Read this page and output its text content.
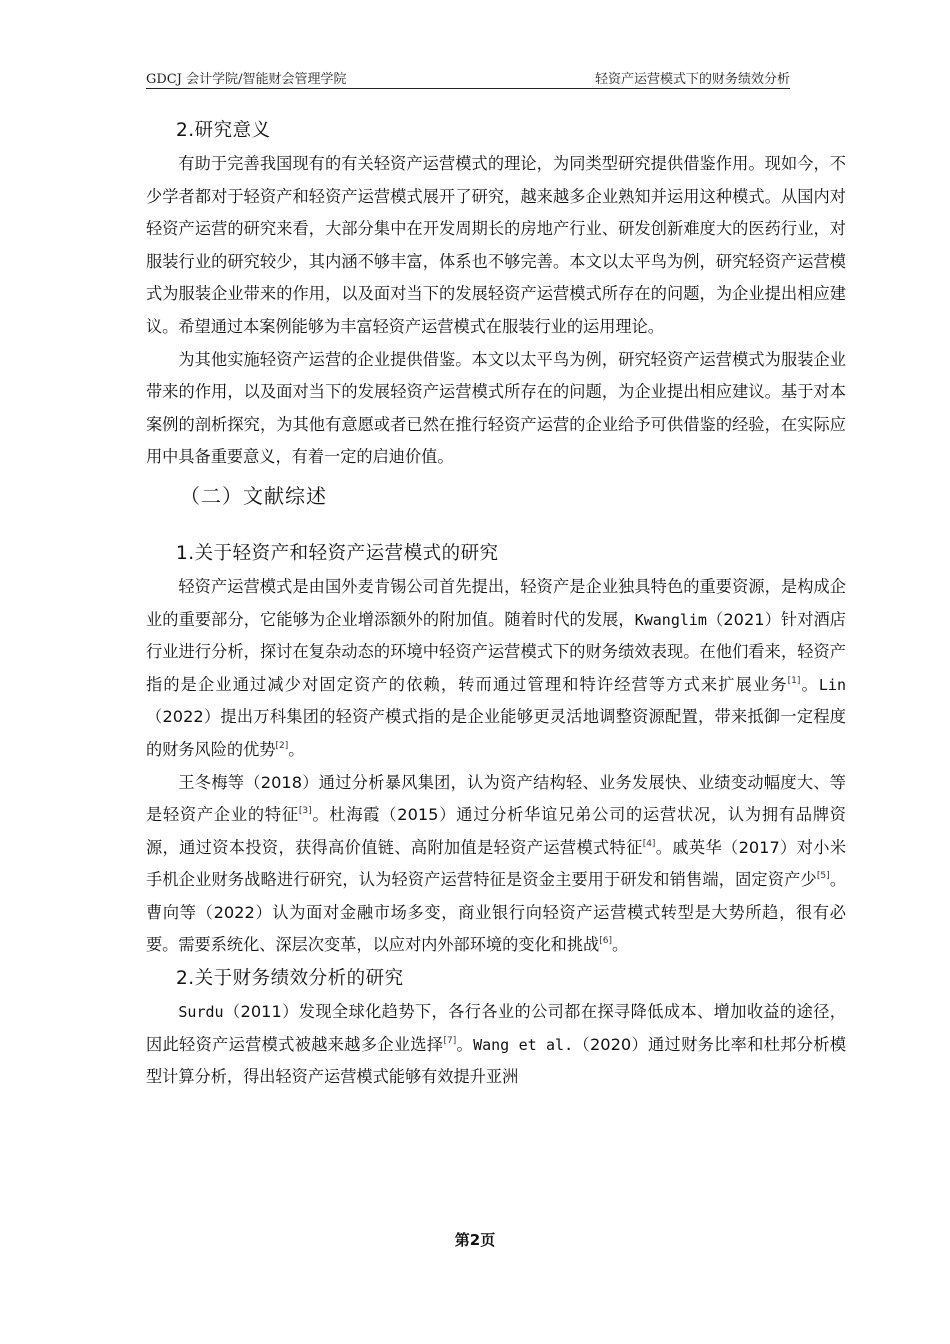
GDCJ 会计学院/智能财会管理学院	轻资产运营模式下的财务绩效分析
2.研究意义

有助于完善我国现有的有关轻资产运营模式的理论，为同类型研究提供借鉴作用。现如今，不少学者都对于轻资产和轻资产运营模式展开了研究，越来越多企业熟知并运用这种模式。从国内对轻资产运营的研究来看，大部分集中在开发周期长的房地产行业、研发创新难度大的医药行业，对服装行业的研究较少，其内涵不够丰富，体系也不够完善。本文以太平鸟为例，研究轻资产运营模式为服装企业带来的作用，以及面对当下的发展轻资产运营模式所存在的问题，为企业提出相应建议。希望通过本案例能够为丰富轻资产运营模式在服装行业的运用理论。

为其他实施轻资产运营的企业提供借鉴。本文以太平鸟为例，研究轻资产运营模式为服装企业带来的作用，以及面对当下的发展轻资产运营模式所存在的问题，为企业提出相应建议。基于对本案例的剖析探究，为其他有意愿或者已然在推行轻资产运营的企业给予可供借鉴的经验，在实际应用中具备重要意义，有着一定的启迪价值。

（二）文献综述
1.关于轻资产和轻资产运营模式的研究

轻资产运营模式是由国外麦肯锡公司首先提出，轻资产是企业独具特色的重要资源，是构成企业的重要部分，它能够为企业增添额外的附加值。随着时代的发展，Kwanglim（2021）针对酒店行业进行分析，探讨在复杂动态的环境中轻资产运营模式下的财务绩效表现。在他们看来，轻资产指的是企业通过减少对固定资产的依赖，转而通过管理和特许经营等方式来扩展业务[1]。Lin（2022）提出万科集团的轻资产模式指的是企业能够更灵活地调整资源配置，带来抵御一定程度的财务风险的优势[2]。

王冬梅等（2018）通过分析暴风集团，认为资产结构轻、业务发展快、业绩变动幅度大、等是轻资产企业的特征[3]。杜海霞（2015）通过分析华谊兄弟公司的运营状况，认为拥有品牌资源，通过资本投资，获得高价值链、高附加值是轻资产运营模式特征[4]。戚英华（2017）对小米手机企业财务战略进行研究，认为轻资产运营特征是资金主要用于研发和销售端，固定资产少[5]。曹向等（2022）认为面对金融市场多变，商业银行向轻资产运营模式转型是大势所趋，很有必要。需要系统化、深层次变革，以应对内外部环境的变化和挑战[6]。

2.关于财务绩效分析的研究

Surdu（2011）发现全球化趋势下，各行各业的公司都在探寻降低成本、增加收益的途径，因此轻资产运营模式被越来越多企业选择[7]。Wang et al.（2020）通过财务比率和杜邦分析模型计算分析，得出轻资产运营模式能够有效提升亚洲

第2页
